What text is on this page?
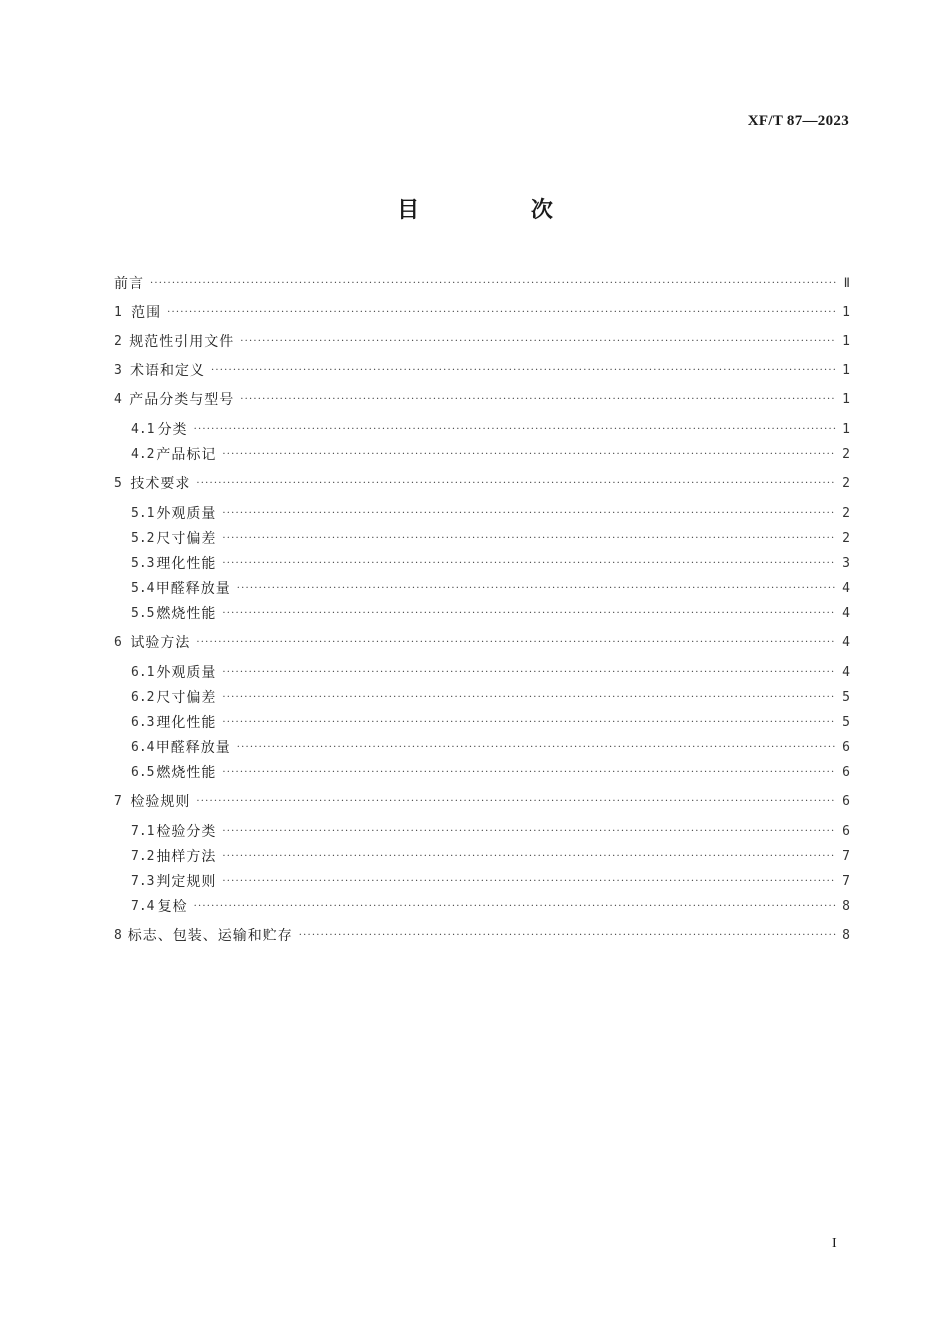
XF/T 87—2023
目 次
前言 ·····	Ⅱ
1 范围 ·····	1
2 规范性引用文件 ·····	1
3 术语和定义 ·····	1
4 产品分类与型号 ·····	1
4.1 分类 ·····	1
4.2 产品标记 ·····	2
5 技术要求 ·····	2
5.1 外观质量 ·····	2
5.2 尺寸偏差 ·····	2
5.3 理化性能 ·····	3
5.4 甲醛释放量 ·····	4
5.5 燃烧性能 ·····	4
6 试验方法 ·····	4
6.1 外观质量 ·····	4
6.2 尺寸偏差 ·····	5
6.3 理化性能 ·····	5
6.4 甲醛释放量 ·····	6
6.5 燃烧性能 ·····	6
7 检验规则 ·····	6
7.1 检验分类 ·····	6
7.2 抽样方法 ·····	7
7.3 判定规则 ·····	7
7.4 复检 ·····	8
8 标志、包装、运输和贮存 ·····	8
I
